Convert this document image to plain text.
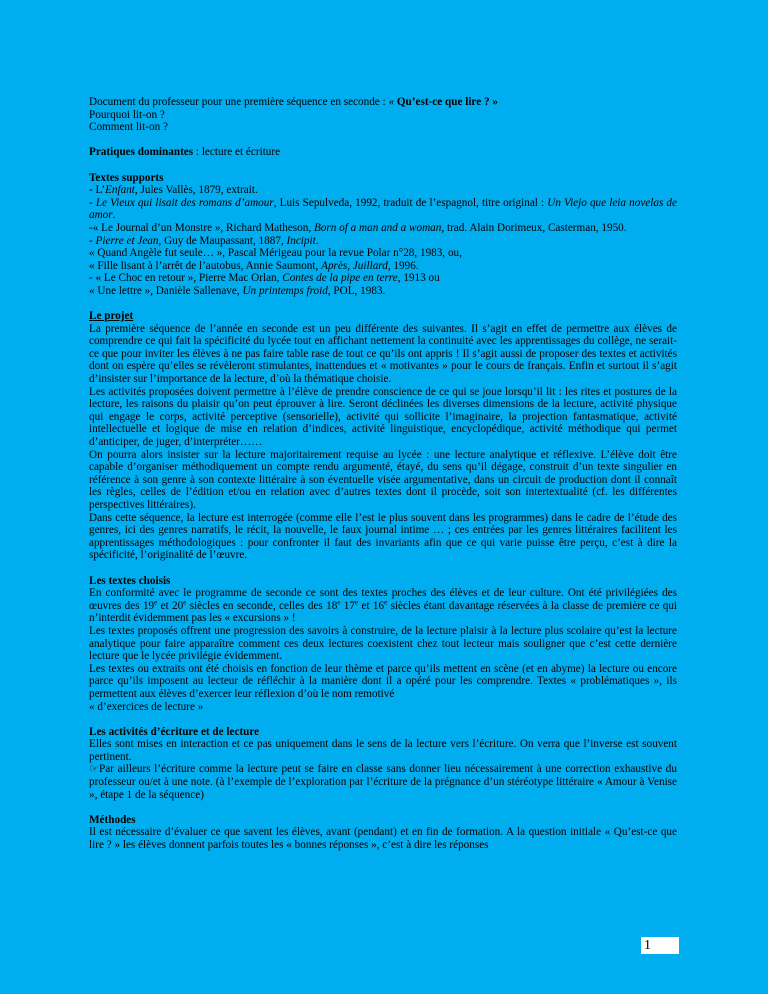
Document du professeur pour une première séquence en seconde : « Qu’est-ce que lire ? »

Pourquoi lit-on ?

Comment lit-on ?

Pratiques dominantes : lecture et écriture

Textes supports

- L’Enfant, Jules Vallès, 1879, extrait.

- Le Vieux qui lisait des romans d’amour, Luis Sepulveda, 1992, traduit de l’espagnol, titre original : Un Viejo que leia novelas de amor.

-« Le Journal d’un Monstre », Richard Matheson, Born of a man and a woman, trad. Alain Dorimeux, Casterman, 1950.

- Pierre et Jean, Guy de Maupassant, 1887, Incipit.

« Quand Angèle fut seule… », Pascal Mérigeau pour la revue Polar n°28, 1983, ou,

« Fille lisant à l’arrêt de l’autobus, Annie Saumont, Après, Juillard, 1996.

- « Le Choc en retour », Pierre Mac Orlan, Contes de la pipe en terre, 1913 ou

« Une lettre », Danièle Sallenave, Un printemps froid, POL, 1983.

Le projet

La première séquence de l’année en seconde est un peu différente des suivantes. Il s’agit en effet de permettre aux élèves de comprendre ce qui fait la spécificité du lycée tout en affichant nettement la continuité avec les apprentissages du collège, ne serait-ce que pour inviter les élèves à ne pas faire table rase de tout ce qu’ils ont appris ! Il s’agit aussi de proposer des textes et activités dont on espère qu’elles se révèleront stimulantes, inattendues et « motivantes » pour le cours de français. Enfin et surtout il s’agit d’insister sur l’importance de la lecture, d’où la thématique choisie.

Les activités proposées doivent permettre à l’élève de prendre conscience de ce qui se joue lorsqu’il lit : les rites et postures de la lecture, les raisons du plaisir qu’on peut éprouver à lire. Seront déclinées les diverses dimensions de la lecture, activité physique qui engage le corps, activité perceptive (sensorielle), activité qui sollicite l’imaginaire, la projection fantasmatique, activité intellectuelle et logique de mise en relation d’indices, activité linguistique, encyclopédique, activité méthodique qui permet d’anticiper, de juger, d’interpréter……

On pourra alors insister sur la lecture majoritairement requise au lycée : une lecture analytique et réflexive. L’élève doit être capable d’organiser méthodiquement un compte rendu argumenté, étayé, du sens qu’il dégage, construit d’un texte singulier en référence à son genre à son contexte littéraire à son éventuelle visée argumentative, dans un circuit de production dont il connaît les règles, celles de l’édition et/ou en relation avec d’autres textes dont il procède, soit son intertextualité (cf. les différentes perspectives littéraires).

Dans cette séquence, la lecture est interrogée (comme elle l’est le plus souvent dans les programmes) dans le cadre de l’étude des genres, ici des genres narratifs, le récit, la nouvelle, le faux journal intime … ; ces entrées par les genres littéraires facilitent les apprentissages méthodologiques : pour confronter il faut des invariants afin que ce qui varie puisse être perçu, c’est à dire la spécificité, l’originalité de l’œuvre.

Les textes choisis

En conformité avec le programme de seconde ce sont des textes proches des élèves et de leur culture. Ont été privilégiées des œuvres des 19e et 20e siècles en seconde, celles des 18e 17e et 16e siècles étant davantage réservées à la classe de première ce qui n’interdit évidemment pas les « excursions » !

Les textes proposés offrent une progression des savoirs à construire, de la lecture plaisir à la lecture plus scolaire qu’est la lecture analytique pour faire apparaître comment ces deux lectures coexistent chez tout lecteur mais souligner que c’est cette dernière lecture que le lycée privilégie évidemment.

Les textes ou extraits ont été choisis en fonction de leur thème et parce qu’ils mettent en scène (et en abyme) la lecture ou encore parce qu’ils imposent au lecteur de réfléchir à la manière dont il a opéré pour les comprendre. Textes « problématiques », ils permettent aux élèves d’exercer leur réflexion d’où le nom remotivé

« d’exercices de lecture »

Les activités d’écriture et de lecture

Elles sont mises en interaction et ce pas uniquement dans le sens de la lecture vers l’écriture. On verra que l’inverse est souvent pertinent.

☞Par ailleurs l’écriture comme la lecture peut se faire en classe sans donner lieu nécessairement à une correction exhaustive du professeur ou/et à une note. (à l’exemple de l’exploration par l’écriture de la prégnance d’un stéréotype littéraire « Amour à Venise », étape 1 de la séquence)

Méthodes

Il est nécessaire d’évaluer ce que savent les élèves, avant (pendant) et en fin de formation. A la question initiale « Qu’est-ce que lire ? » les élèves donnent parfois toutes les « bonnes réponses », c’est à dire les réponses

1
